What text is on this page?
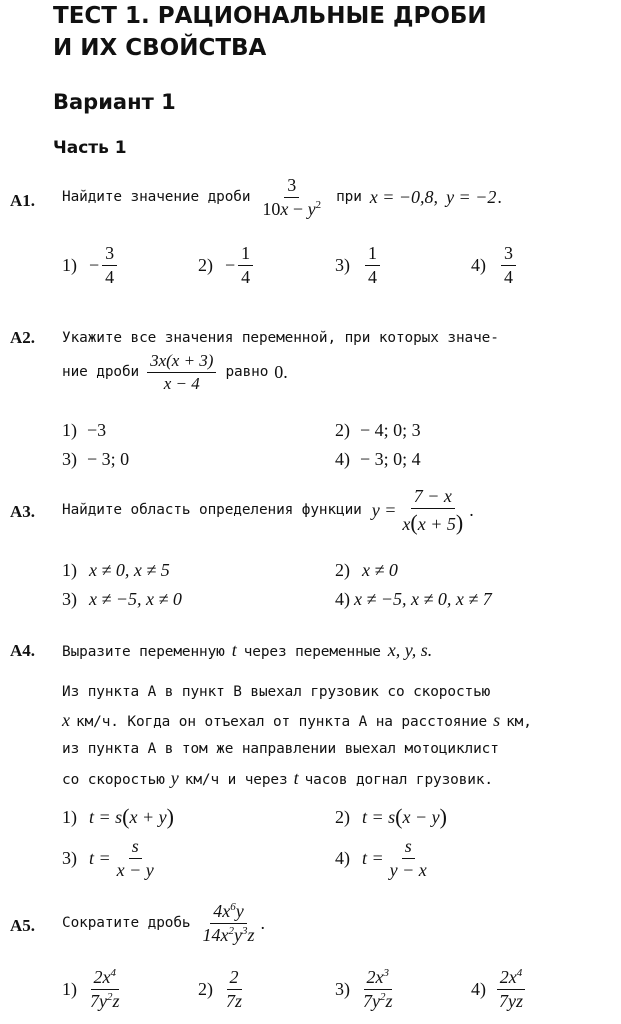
ТЕСТ 1. РАЦИОНАЛЬНЫЕ ДРОБИ
И ИХ СВОЙСТВА
Вариант 1
Часть 1
А1. Найдите значение дроби $\frac{3}{10x - y^2}$ при x = −0,8, y = −2 .
$1) - \frac{3}{4}$	$2) - \frac{1}{4}$	$3) \frac{1}{4}$	$4) \frac{3}{4}$
А2. Укажите все значения переменной, при которых значе-
ние дроби $\frac{3x(x + 3)}{x - 4}$ равно 0.
1) −3	2) − 4; 0; 3
3) − 3; 0	4) − 3; 0; 4
А3. Найдите область определения функции $y = \frac{7 - x}{x(x + 5)}$ .
1) x ≠ 0, x ≠ 5	2) x ≠ 0
3) x ≠ −5, x ≠ 0	4) x ≠ −5, x ≠ 0, x ≠ 7
А4. Выразите переменную t через переменные x, y, s.
Из пункта А в пункт В выехал грузовик со скоростью
x км/ч. Когда он отъехал от пункта А на расстояние s км,
из пункта А в том же направлении выехал мотоциклист
со скоростью y км/ч и через t часов догнал грузовик.
1) t = s ( x + y )	2) t = s ( x − y )
3) $t = \frac{s}{x - y}$	4) $t = \frac{s}{y - x}$
А5. Сократите дробь $\frac{4x^6y}{14x^2y^3z}$ .
$1) \frac{2x^4}{7y^2z}$	$2) \frac{2}{7z}$	$3) \frac{2x^3}{7y^2z}$	$4) \frac{2x^4}{7yz}$
